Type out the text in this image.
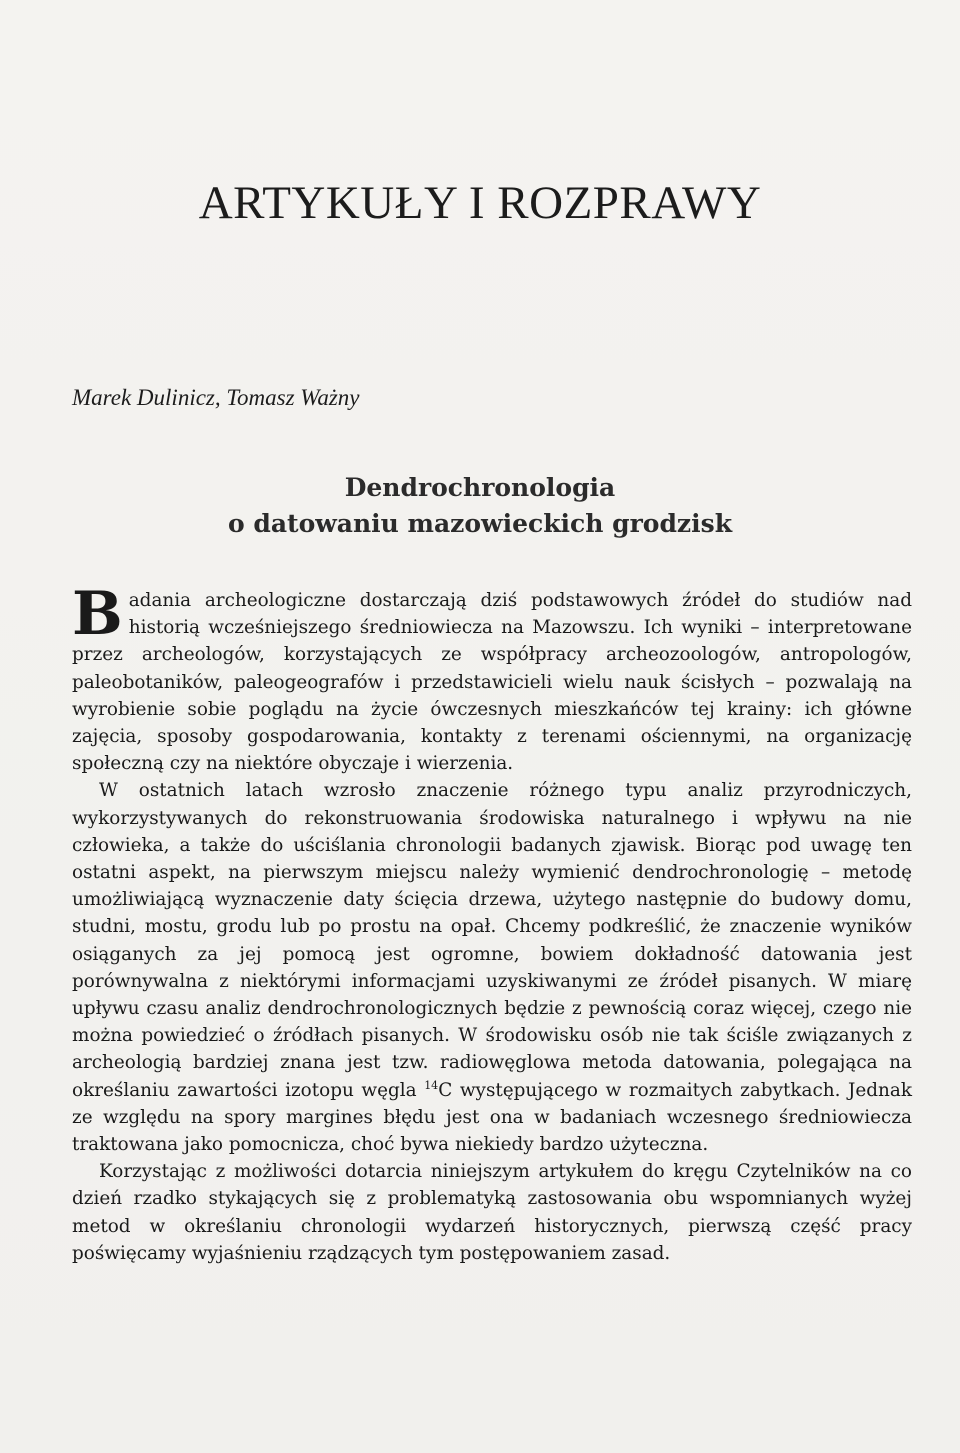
ARTYKUŁY I ROZPRAWY
Marek Dulinicz, Tomasz Ważny
Dendrochronologia
o datowaniu mazowieckich grodzisk

Badania archeologiczne dostarczają dziś podstawowych źródeł do studiów nad historią wcześniejszego średniowiecza na Mazowszu. Ich wyniki – interpretowane przez archeologów, korzystających ze współpracy archeozoologów, antropologów, paleobotaników, paleogeografów i przedstawicieli wielu nauk ścisłych – pozwalają na wyrobienie sobie poglądu na życie ówczesnych mieszkańców tej krainy: ich główne zajęcia, sposoby gospodarowania, kontakty z terenami ościennymi, na organizację społeczną czy na niektóre obyczaje i wierzenia.

W ostatnich latach wzrosło znaczenie różnego typu analiz przyrodniczych, wykorzystywanych do rekonstruowania środowiska naturalnego i wpływu na nie człowieka, a także do uściślania chronologii badanych zjawisk. Biorąc pod uwagę ten ostatni aspekt, na pierwszym miejscu należy wymienić dendrochronologię – metodę umożliwiającą wyznaczenie daty ścięcia drzewa, użytego następnie do budowy domu, studni, mostu, grodu lub po prostu na opał. Chcemy podkreślić, że znaczenie wyników osiąganych za jej pomocą jest ogromne, bowiem dokładność datowania jest porównywalna z niektórymi informacjami uzyskiwanymi ze źródeł pisanych. W miarę upływu czasu analiz dendrochronologicznych będzie z pewnością coraz więcej, czego nie można powiedzieć o źródłach pisanych. W środowisku osób nie tak ściśle związanych z archeologią bardziej znana jest tzw. radiowęglowa metoda datowania, polegająca na określaniu zawartości izotopu węgla $^{14}$C występującego w rozmaitych zabytkach. Jednak ze względu na spory margines błędu jest ona w badaniach wczesnego średniowiecza traktowana jako pomocnicza, choć bywa niekiedy bardzo użyteczna.

Korzystając z możliwości dotarcia niniejszym artykułem do kręgu Czytelników na co dzień rzadko stykających się z problematyką zastosowania obu wspomnianych wyżej metod w określaniu chronologii wydarzeń historycznych, pierwszą część pracy poświęcamy wyjaśnieniu rządzących tym postępowaniem zasad.
